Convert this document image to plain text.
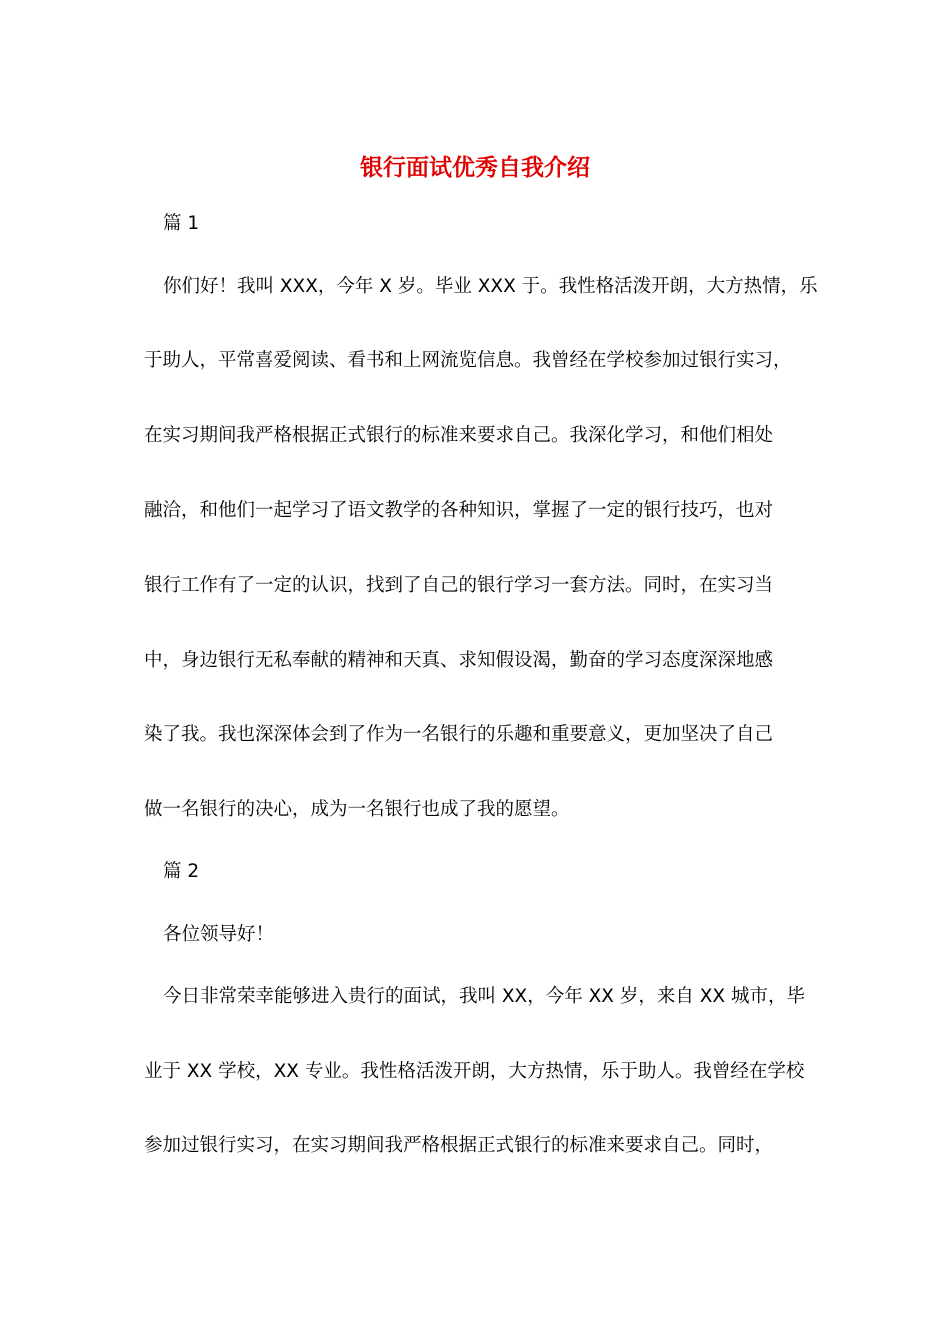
银行面试优秀自我介绍

篇 1

你们好！我叫 XXX，今年 X 岁。毕业 XXX 于。我性格活泼开朗，大方热情，乐

于助人，平常喜爱阅读、看书和上网流览信息。我曾经在学校参加过银行实习，

在实习期间我严格根据正式银行的标准来要求自己。我深化学习，和他们相处

融洽，和他们一起学习了语文教学的各种知识，掌握了一定的银行技巧，也对

银行工作有了一定的认识，找到了自己的银行学习一套方法。同时，在实习当

中，身边银行无私奉献的精神和天真、求知假设渴，勤奋的学习态度深深地感

染了我。我也深深体会到了作为一名银行的乐趣和重要意义，更加坚决了自己

做一名银行的决心，成为一名银行也成了我的愿望。

篇 2

各位领导好！

今日非常荣幸能够进入贵行的面试，我叫 XX，今年 XX 岁，来自 XX 城市，毕

业于 XX 学校，XX 专业。我性格活泼开朗，大方热情，乐于助人。我曾经在学校

参加过银行实习，在实习期间我严格根据正式银行的标准来要求自己。同时，
